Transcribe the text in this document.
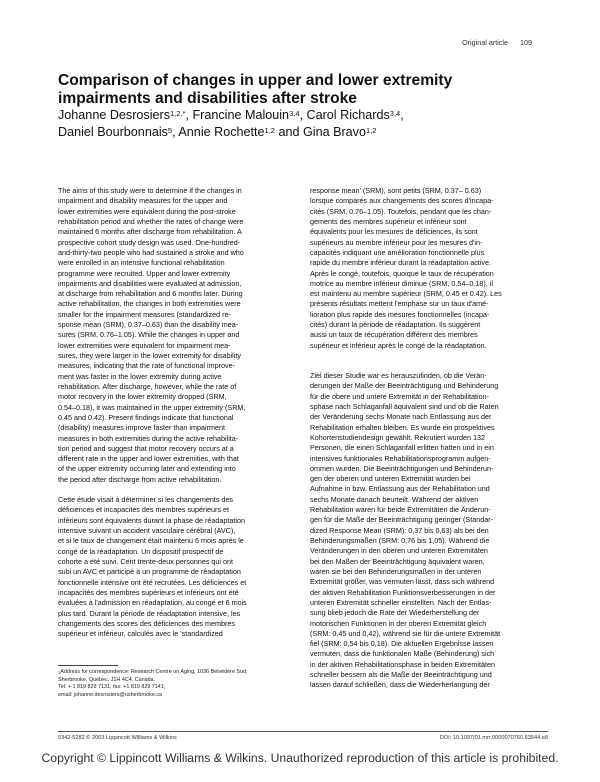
Original article 109
Comparison of changes in upper and lower extremity
impairments and disabilities after stroke

Johanne Desrosiers$^{1,2,*}$, Francine Malouin$^{3,4}$, Carol Richards$^{3,4}$,
Daniel Bourbonnais$^5$, Annie Rochette$^{1,2}$ and Gina Bravo$^{1,2}$

The aims of this study were to determine if the changes in
impairment and disability measures for the upper and
lower extremities were equivalent during the post-stroke
rehabilitation period and whether the rates of change were
maintained 6 months after discharge from rehabilitation. A
prospective cohort study design was used. One-hundred-
and-thirty-two people who had sustained a stroke and who
were enrolled in an intensive functional rehabilitation
programme were recruited. Upper and lower extremity
impairments and disabilities were evaluated at admission,
at discharge from rehabilitation and 6 months later. During
active rehabilitation, the changes in both extremities were
smaller for the impairment measures (standardized re-
sponse mean (SRM), 0.37–0.63) than the disability mea-
sures (SRM, 0.76–1.05). While the changes in upper and
lower extremities were equivalent for impairment mea-
sures, they were larger in the lower extremity for disability
measures, indicating that the rate of functional improve-
ment was faster in the lower extremity during active
rehabilitation. After discharge, however, while the rate of
motor recovery in the lower extremity dropped (SRM,
0.54–0.18), it was maintained in the upper extremity (SRM,
0.45 and 0.42). Present findings indicate that functional
(disability) measures improve faster than impairment
measures in both extremities during the active rehabilita-
tion period and suggest that motor recovery occurs at a
different rate in the upper and lower extremities, with that
of the upper extremity occurring later and extending into
the period after discharge from active rehabilitation.

Cette étude visait à déterminer si les changements des
déficiences et incapacités des membres supérieurs et
inférieurs sont équivalents durant la phase de réadaptation
intensive suivant un accident vasculaire cérébral (AVC),
et si le taux de changement était maintenu 6 mois après le
congé de la réadaptation. Un dispositif prospectif de
cohorte a été suivi. Cent trente-deux personnes qui ont
subi un AVC et participé à un programme de réadaptation
fonctionnelle intensive ont été recrutées. Les déficiences et
incapacités des membres supérieurs et inférieurs ont été
évaluées à l'admission en réadaptation, au congé et 6 mois
plus tard. Durant la période de réadaptation intensive, les
changements des scores des déficiences des membres
supérieur et inférieur, calculés avec le 'standardized

response mean' (SRM), sont petits (SRM, 0.37– 0.63)
lorsque comparés aux changements des scores d'incapa-
cités (SRM, 0.76–1.05). Toutefois, pendant que les chan-
gements des membres supérieur et inférieur sont
équivalents pour les mesures de déficiences, ils sont
supérieurs au membre inférieur pour les mesures d'in-
capacités indiquant une amélioration fonctionnelle plus
rapide du membre inférieur durant la réadaptation active.
Après le congé, toutefois, quoique le taux de récupération
motrice au membre inférieur diminue (SRM, 0.54–0.18), il
est maintenu au membre supérieur (SRM, 0.45 et 0.42). Les
présents résultats mettent l'emphase sur un taux d'amé-
lioration plus rapide des mesures fonctionnelles (incapa-
cités) durant la période de réadaptation. Ils suggèrent
aussi un taux de récupération différent des membres
supérieur et inférieur après le congé de la réadaptation.

Ziel dieser Studie war es herauszufinden, ob die Verän-
derungen der Maße der Beeinträchtigung und Behinderung
für die obere und untere Extremität in der Rehabilitation-
sphase nach Schlaganfall äquivalent sind und ob die Raten
der Veränderung sechs Monate nach Entlassung aus der
Rehabilitation erhalten bleiben. Es wurde ein prospektives
Kohortenstudiendesign gewählt. Rekrutiert wurden 132
Personen, die einen Schlaganfall erlitten hatten und in ein
intensives funktionales Rehabilitationsprogramm aufgen-
ommen wurden. Die Beeinträchtigungen und Behinderun-
gen der oberen und unteren Extremität wurden bei
Aufnahme in bzw. Entlassung aus der Rehabilitation und
sechs Monate danach beurteilt. Während der aktiven
Rehabilitation waren für beide Extremitäten die Änderun-
gen für die Maße der Beeinträchtigung geringer (Standar-
dized Response Mean (SRM): 0,37 bis 0,63) als bei den
Behinderungsmaßen (SRM: 0,76 bis 1,05). Während die
Veränderungen in den oberen und unteren Extremitäten
bei den Maßen der Beeinträchtigung äquivalent waren,
waren sie bei den Behinderungsmaßen in der unteren
Extremität größer, was vermuten lässt, dass sich während
der aktiven Rehabilitation Funktionsverbesserungen in der
unteren Extremität schneller einstellten. Nach der Entlas-
sung blieb jedoch die Rate der Wiederherstellung der
motorischen Funktionen in der oberen Extremität gleich
(SRM: 0,45 und 0,42), während sie für die untere Extremität
fiel (SRM: 0,54 bis 0,18). Die aktuellen Ergebnisse lassen
vermuten, dass die funktionalen Maße (Behinderung) sich
in der aktiven Rehabilitationsphase in beiden Extremitäten
schneller bessern als die Maße der Beeinträchtigung und
lassen darauf schließen, dass die Wiederherlangung der

$^1$Address for correspondence: Research Centre on Aging, 1036 Belvédère Sud,

Sherbrooke, Québec, J1H 4C4, Canada.

Tel: + 1 819 829 7131; fax: +1 819 829 7141;

email: johanne.desrosiers@usherbrooke.ca

0342-5282 © 2003 Lippincott Williams & Wilkins	DOI: 10.1097/01.mrr.0000070760.63544.e8
Copyright © Lippincott Williams & Wilkins. Unauthorized reproduction of this article is prohibited.
